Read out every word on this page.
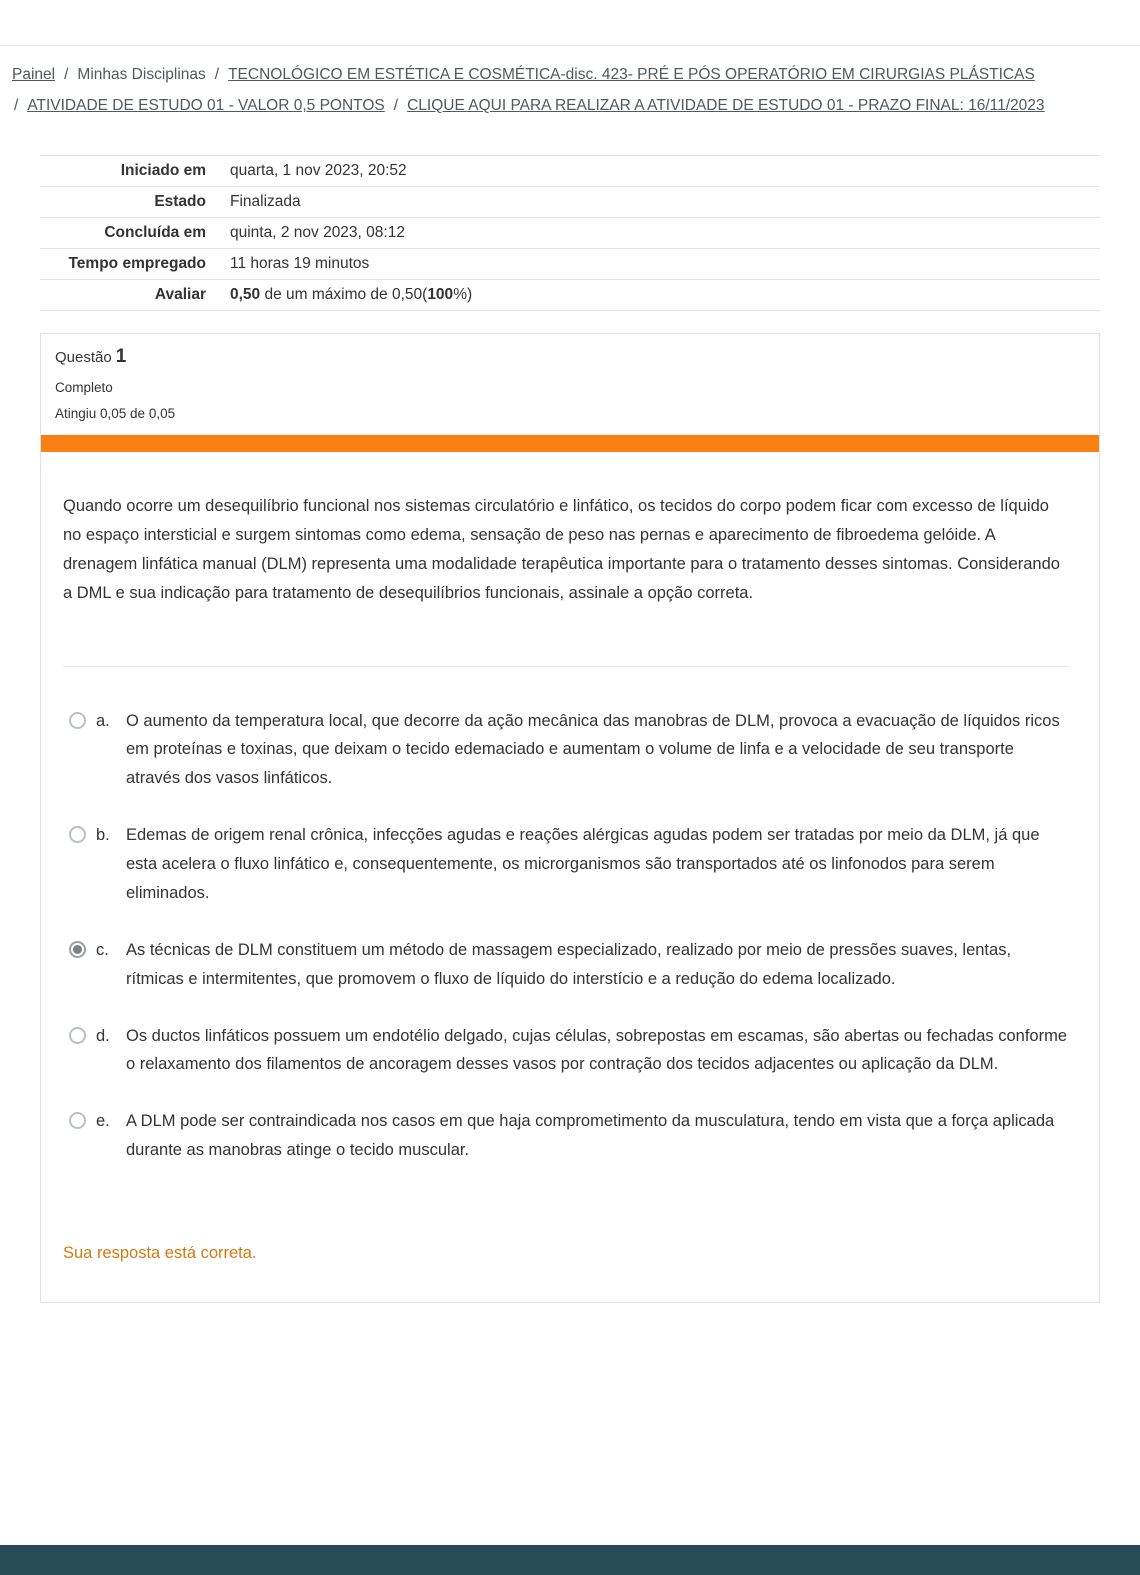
Painel / Minhas Disciplinas / TECNOLÓGICO EM ESTÉTICA E COSMÉTICA-disc. 423- PRÉ E PÓS OPERATÓRIO EM CIRURGIAS PLÁSTICAS
/ ATIVIDADE DE ESTUDO 01 - VALOR 0,5 PONTOS / CLIQUE AQUI PARA REALIZAR A ATIVIDADE DE ESTUDO 01 - PRAZO FINAL: 16/11/2023
Iniciado em	quarta, 1 nov 2023, 20:52
Estado	Finalizada
Concluída em	quinta, 2 nov 2023, 08:12
Tempo empregado	11 horas 19 minutos
Avaliar	0,50 de um máximo de 0,50(100%)
Questão 1
Completo
Atingiu 0,05 de 0,05

Quando ocorre um desequilíbrio funcional nos sistemas circulatório e linfático, os tecidos do corpo podem ficar com excesso de líquido no espaço intersticial e surgem sintomas como edema, sensação de peso nas pernas e aparecimento de fibroedema gelóide. A drenagem linfática manual (DLM) representa uma modalidade terapêutica importante para o tratamento desses sintomas. Considerando a DML e sua indicação para tratamento de desequilíbrios funcionais, assinale a opção correta.

a. O aumento da temperatura local, que decorre da ação mecânica das manobras de DLM, provoca a evacuação de líquidos ricos em proteínas e toxinas, que deixam o tecido edemaciado e aumentam o volume de linfa e a velocidade de seu transporte através dos vasos linfáticos.
b. Edemas de origem renal crônica, infecções agudas e reações alérgicas agudas podem ser tratadas por meio da DLM, já que esta acelera o fluxo linfático e, consequentemente, os microrganismos são transportados até os linfonodos para serem eliminados.
c.	As técnicas de DLM constituem um método de massagem especializado, realizado por meio de pressões suaves, lentas, rítmicas e intermitentes, que promovem o fluxo de líquido do interstício e a redução do edema localizado.
d. Os ductos linfáticos possuem um endotélio delgado, cujas células, sobrepostas em escamas, são abertas ou fechadas conforme o relaxamento dos filamentos de ancoragem desses vasos por contração dos tecidos adjacentes ou aplicação da DLM.
e. A DLM pode ser contraindicada nos casos em que haja comprometimento da musculatura, tendo em vista que a força aplicada durante as manobras atinge o tecido muscular.
Sua resposta está correta.
